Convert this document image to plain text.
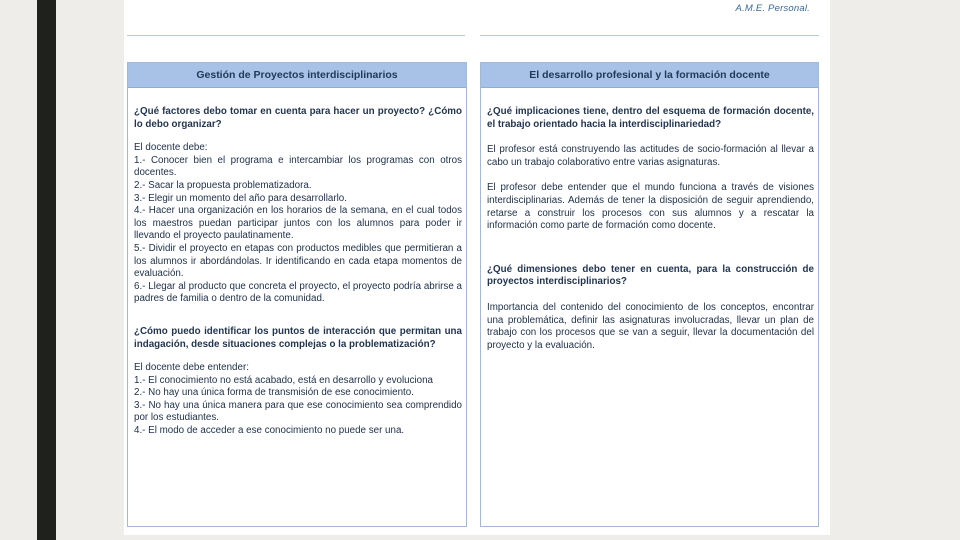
A.M.E. Personal.
Gestión de Proyectos interdisciplinarios

¿Qué factores debo tomar en cuenta para hacer un proyecto? ¿Cómo lo debo organizar?

El docente debe:

1.- Conocer bien el programa e intercambiar los programas con otros docentes.

2.- Sacar la propuesta problematizadora.

3.- Elegir un momento del año para desarrollarlo.

4.- Hacer una organización en los horarios de la semana, en el cual todos los maestros puedan participar juntos con los alumnos para poder ir llevando el proyecto paulatinamente.

5.- Dividir el proyecto en etapas con productos medibles que permitieran a los alumnos ir abordándolas. Ir identificando en cada etapa momentos de evaluación.

6.- Llegar al producto que concreta el proyecto, el proyecto podría abrirse a padres de familia o dentro de la comunidad.

¿Cómo puedo identificar los puntos de interacción que permitan una indagación, desde situaciones complejas o la problematización?

El docente debe entender:

1.- El conocimiento no está acabado, está en desarrollo y evoluciona

2.- No hay una única forma de transmisión de ese conocimiento.

3.- No hay una única manera para que ese conocimiento sea comprendido por los estudiantes.

4.- El modo de acceder a ese conocimiento no puede ser una.

El desarrollo profesional y la formación docente

¿Qué implicaciones tiene, dentro del esquema de formación docente, el trabajo orientado hacia la interdisciplinariedad?

El profesor está construyendo las actitudes de socio-formación al llevar a cabo un trabajo colaborativo entre varias asignaturas.

El profesor debe entender que el mundo funciona a través de visiones interdisciplinarias. Además de tener la disposición de seguir aprendiendo, retarse a construir los procesos con sus alumnos y a rescatar la información como parte de formación como docente.

¿Qué dimensiones debo tener en cuenta, para la construcción de proyectos interdisciplinarios?

Importancia del contenido del conocimiento de los conceptos, encontrar una problemática, definir las asignaturas involucradas, llevar un plan de trabajo con los procesos que se van a seguir, llevar la documentación del proyecto y la evaluación.
